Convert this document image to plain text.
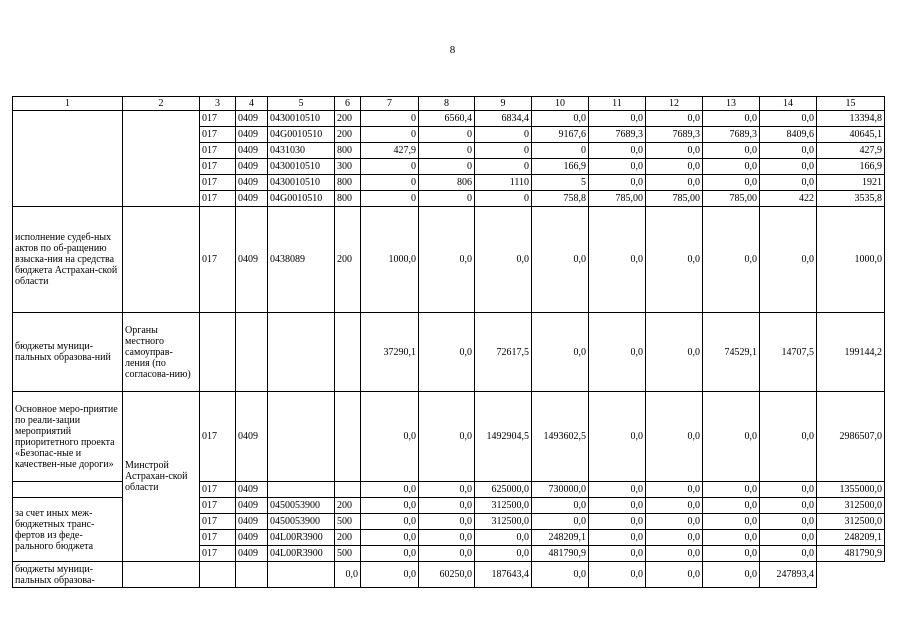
8
1	2	3	4	5	6	7	8	9	10	11	12	13	14	15
		017	0409	0430010510	200	0	6560,4	6834,4	0,0	0,0	0,0	0,0	0,0	13394,8
		017	0409	04G0010510	200	0	0	0	9167,6	7689,3	7689,3	7689,3	8409,6	40645,1
		017	0409	0431030	800	427,9	0	0	0	0,0	0,0	0,0	0,0	427,9
		017	0409	0430010510	300	0	0	0	166,9	0,0	0,0	0,0	0,0	166,9
		017	0409	0430010510	800	0	806	1110	5	0,0	0,0	0,0	0,0	1921
		017	0409	04G0010510	800	0	0	0	758,8	785,00	785,00	785,00	422	3535,8
исполнение судеб-ных актов по об-ращению взыска-ния на средства бюджета Астрахан-ской области		017	0409	0438089	200	1000,0	0,0	0,0	0,0	0,0	0,0	0,0	0,0	1000,0
бюджеты муници-пальных образова-ний	Органы местного самоуправ-ления (по согласова-нию)					37290,1	0,0	72617,5	0,0	0,0	0,0	74529,1	14707,5	199144,2
Основное меро-приятие по реали-зации мероприятий приоритетного проекта «Безопас-ные и качествен-ные дороги»	Минстрой Астрахан-ской области	017	0409			0,0	0,0	1492904,5	1493602,5	0,0	0,0	0,0	0,0	2986507,0
		017	0409			0,0	0,0	625000,0	730000,0	0,0	0,0	0,0	0,0	1355000,0
за счет иных меж-бюджетных транс-фертов из феде-рального бюджета		017	0409	0450053900	200	0,0	0,0	312500,0	0,0	0,0	0,0	0,0	0,0	312500,0
		017	0409	0450053900	500	0,0	0,0	312500,0	0,0	0,0	0,0	0,0	0,0	312500,0
		017	0409	04L00R3900	200	0,0	0,0	0,0	248209,1	0,0	0,0	0,0	0,0	248209,1
		017	0409	04L00R3900	500	0,0	0,0	0,0	481790,9	0,0	0,0	0,0	0,0	481790,9
бюджеты муници-пальных образова-					0,0	0,0	60250,0	187643,4	0,0	0,0	0,0	0,0	247893,4	
